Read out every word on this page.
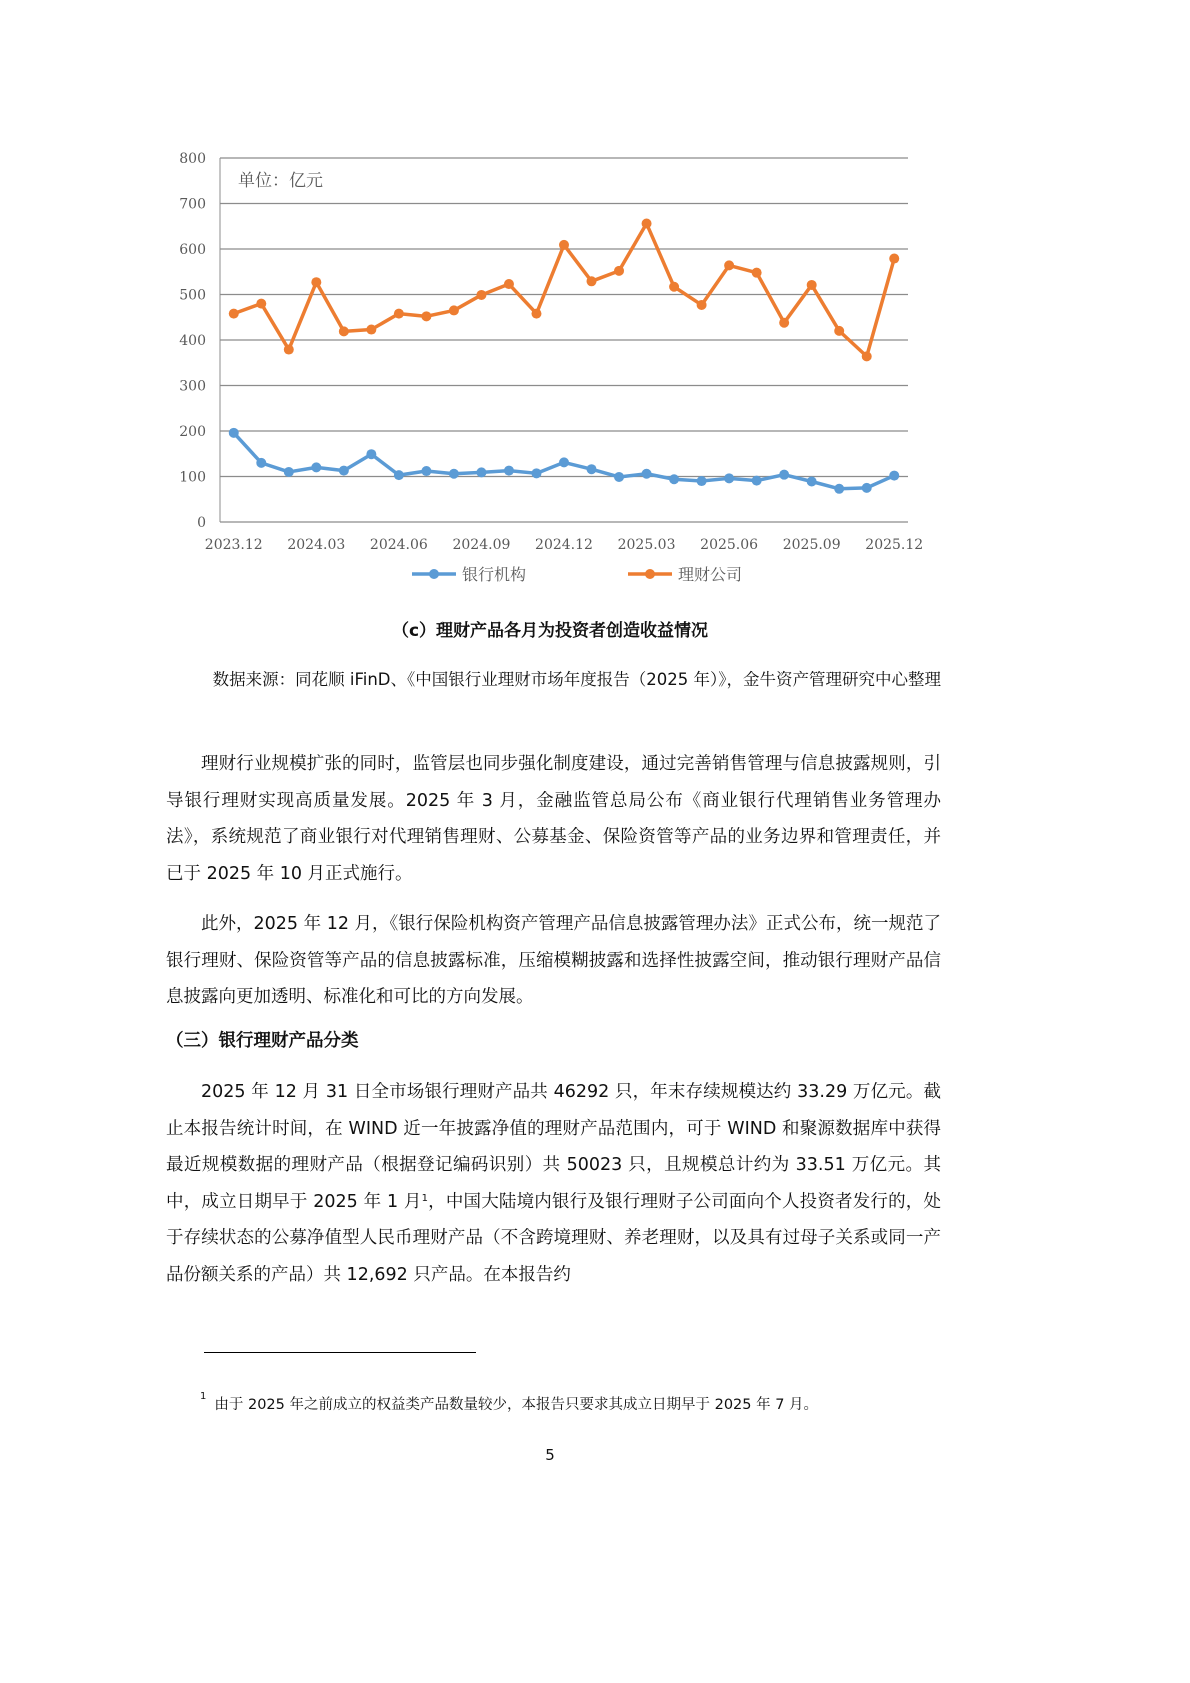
0
100
200
300
400
500
600
700
800
2023.12 2024.03 2024.06 2024.09 2024.12 2025.03 2025.06 2025.09 2025.12
单位：亿元
银行机构	理财公司
（c）理财产品各月为投资者创造收益情况
数据来源：同花顺 iFinD、《中国银行业理财市场年度报告（2025 年）》，金牛资产管理研究中心整理

理财行业规模扩张的同时，监管层也同步强化制度建设，通过完善销售管理与信息披露规则，引导银行理财实现高质量发展。2025 年 3 月，金融监管总局公布《商业银行代理销售业务管理办法》，系统规范了商业银行对代理销售理财、公募基金、保险资管等产品的业务边界和管理责任，并已于 2025 年 10 月正式施行。

此外，2025 年 12 月，《银行保险机构资产管理产品信息披露管理办法》正式公布，统一规范了银行理财、保险资管等产品的信息披露标准，压缩模糊披露和选择性披露空间，推动银行理财产品信息披露向更加透明、标准化和可比的方向发展。

（三）银行理财产品分类

2025 年 12 月 31 日全市场银行理财产品共 46292 只，年末存续规模达约 33.29 万亿元。截止本报告统计时间，在 WIND 近一年披露净值的理财产品范围内，可于 WIND 和聚源数据库中获得最近规模数据的理财产品（根据登记编码识别）共 50023 只，且规模总计约为 33.51 万亿元。其中，成立日期早于 2025 年 1 月$^1$，中国大陆境内银行及银行理财子公司面向个人投资者发行的，处于存续状态的公募净值型人民币理财产品（不含跨境理财、养老理财，以及具有过母子关系或同一产品份额关系的产品）共 12,692 只产品。在本报告约

$^1$由于 2025 年之前成立的权益类产品数量较少，本报告只要求其成立日期早于 2025 年 7 月。
5
